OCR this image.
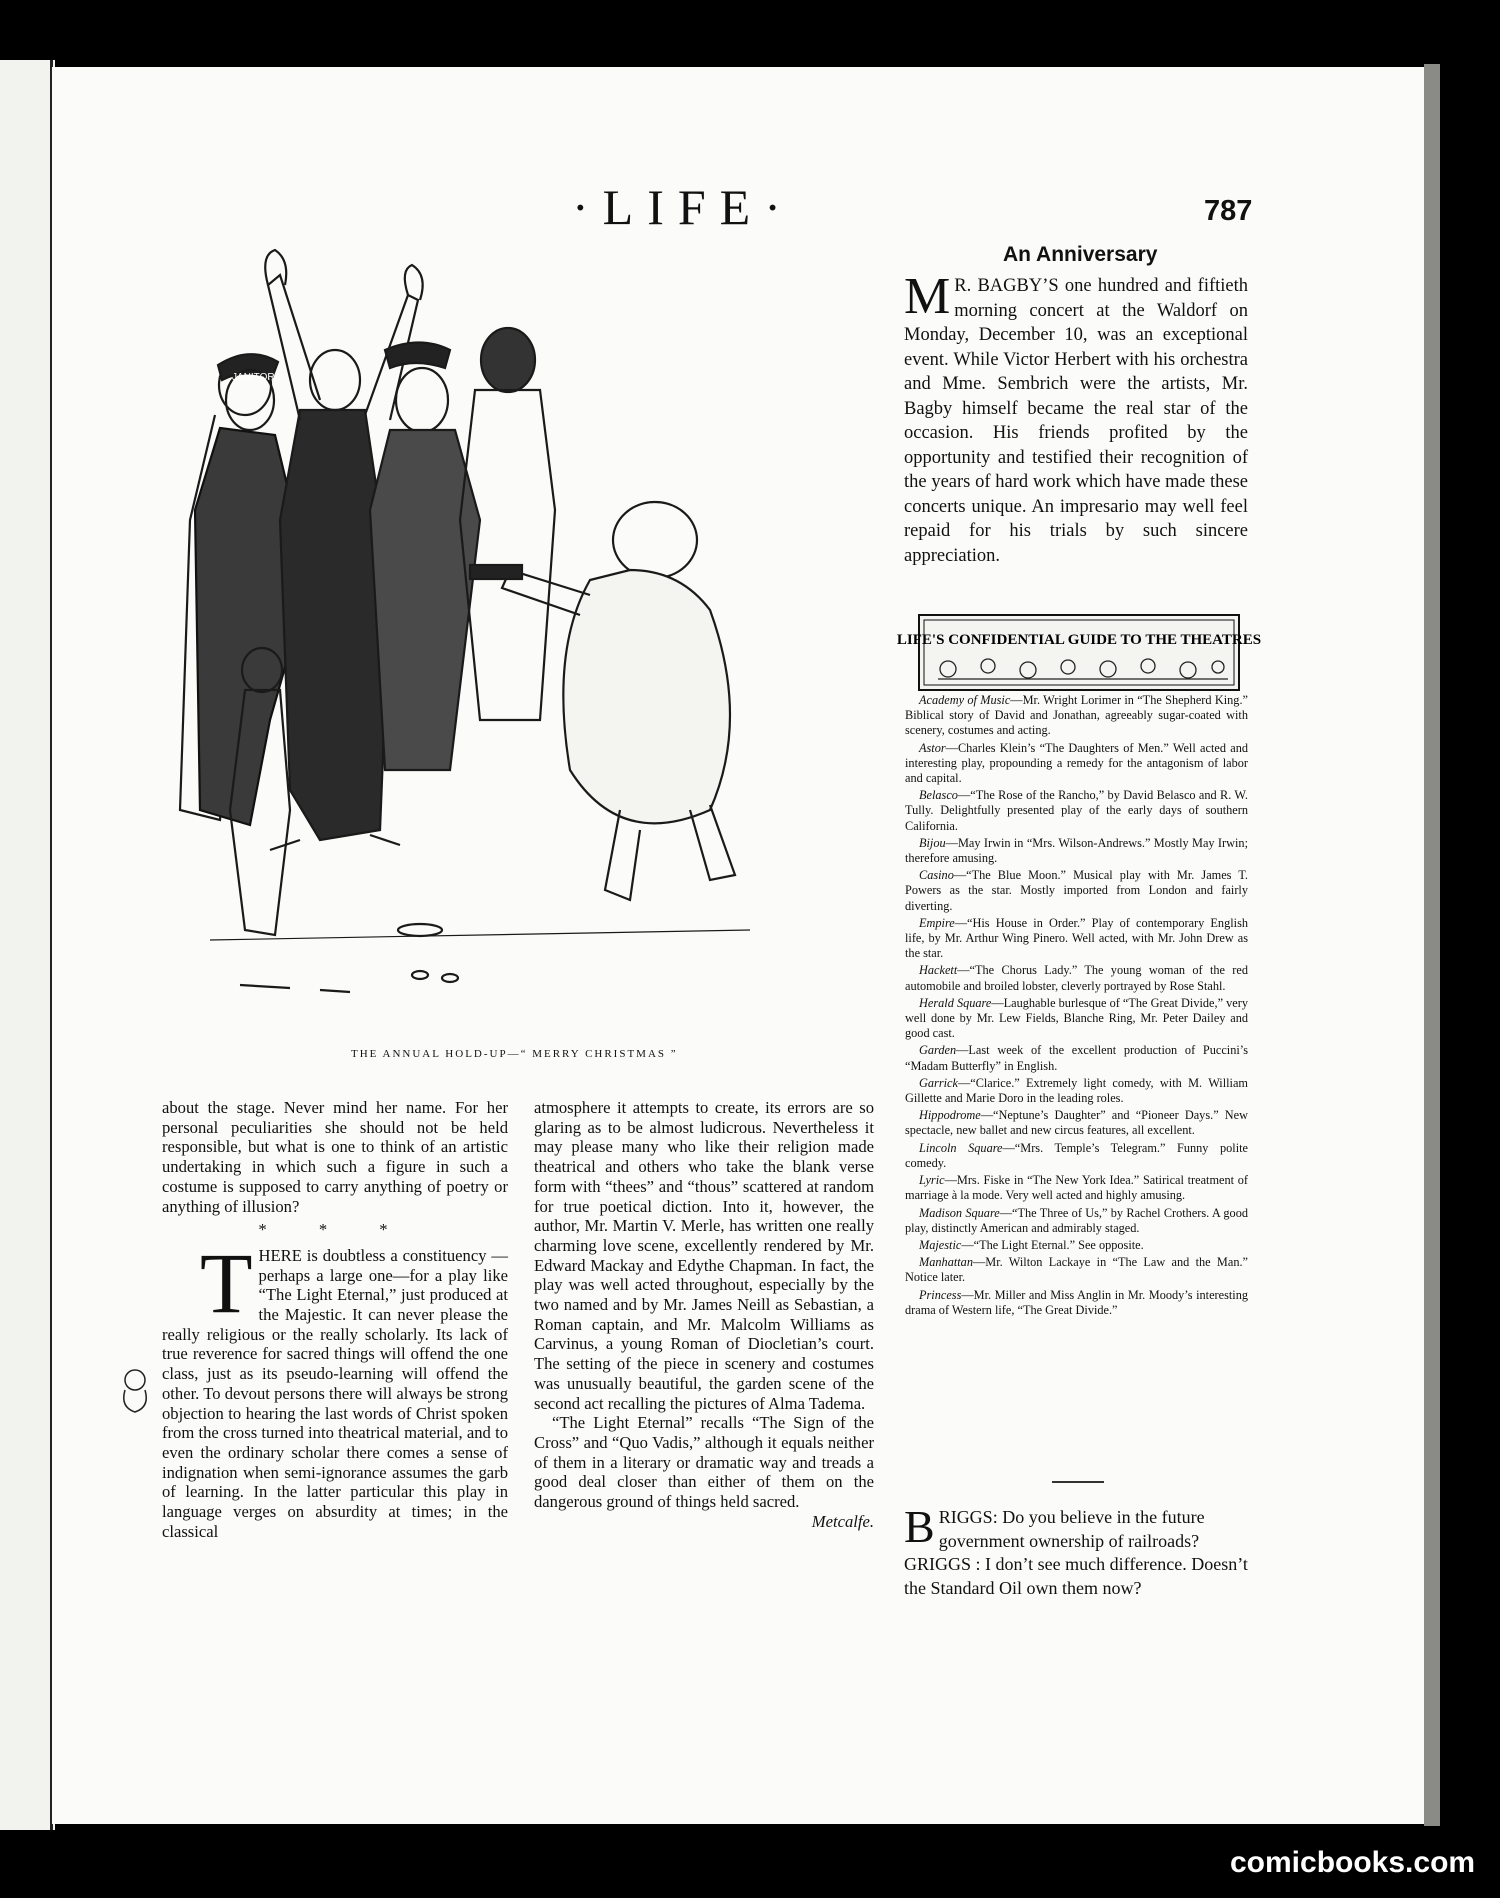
·LIFE·	787
JANITOR
THE ANNUAL HOLD-UP—“ MERRY CHRISTMAS ”
An Anniversary
M R. BAGBY’S one hundred and fiftieth morning concert at the Waldorf on Monday, December 10, was an exceptional event. While Victor Herbert with his orchestra and Mme. Sembrich were the artists, Mr. Bagby himself became the real star of the occasion. His friends profited by the opportunity and testified their recognition of the years of hard work which have made these concerts unique. An impresario may well feel repaid for his trials by such sincere appreciation.
LIFE'S CONFIDENTIAL GUIDE TO THE THEATRES

Academy of Music—Mr. Wright Lorimer in “The Shepherd King.” Biblical story of David and Jonathan, agreeably sugar-coated with scenery, costumes and acting.

Astor—Charles Klein’s “The Daughters of Men.” Well acted and interesting play, propounding a remedy for the antagonism of labor and capital.

Belasco—“The Rose of the Rancho,” by David Belasco and R. W. Tully. Delightfully presented play of the early days of southern California.

Bijou—May Irwin in “Mrs. Wilson-Andrews.” Mostly May Irwin; therefore amusing.

Casino—“The Blue Moon.” Musical play with Mr. James T. Powers as the star. Mostly imported from London and fairly diverting.

Empire—“His House in Order.” Play of contemporary English life, by Mr. Arthur Wing Pinero. Well acted, with Mr. John Drew as the star.

Hackett—“The Chorus Lady.” The young woman of the red automobile and broiled lobster, cleverly portrayed by Rose Stahl.

Herald Square—Laughable burlesque of “The Great Divide,” very well done by Mr. Lew Fields, Blanche Ring, Mr. Peter Dailey and good cast.

Garden—Last week of the excellent production of Puccini’s “Madam Butterfly” in English.

Garrick—“Clarice.” Extremely light comedy, with M. William Gillette and Marie Doro in the leading roles.

Hippodrome—“Neptune’s Daughter” and “Pioneer Days.” New spectacle, new ballet and new circus features, all excellent.

Lincoln Square—“Mrs. Temple’s Telegram.” Funny polite comedy.

Lyric—Mrs. Fiske in “The New York Idea.” Satirical treatment of marriage à la mode. Very well acted and highly amusing.

Madison Square—“The Three of Us,” by Rachel Crothers. A good play, distinctly American and admirably staged.

Majestic—“The Light Eternal.” See opposite.

Manhattan—Mr. Wilton Lackaye in “The Law and the Man.” Notice later.

Princess—Mr. Miller and Miss Anglin in Mr. Moody’s interesting drama of Western life, “The Great Divide.”

B RIGGS: Do you believe in the future government ownership of railroads?

GRIGGS : I don’t see much difference. Doesn’t the Standard Oil own them now?

about the stage. Never mind her name. For her personal peculiarities she should not be held responsible, but what is one to think of an artistic undertaking in which such a figure in such a costume is supposed to carry anything of poetry or anything of illusion?

* * *

THERE is doubtless a constituency —perhaps a large one—for a play like “The Light Eternal,” just produced at the Majestic. It can never please the really religious or the really scholarly. Its lack of true reverence for sacred things will offend the one class, just as its pseudo-learning will offend the other. To devout persons there will always be strong objection to hearing the last words of Christ spoken from the cross turned into theatrical material, and to even the ordinary scholar there comes a sense of indignation when semi-ignorance assumes the garb of learning. In the latter particular this play in language verges on absurdity at times; in the classical

atmosphere it attempts to create, its errors are so glaring as to be almost ludicrous. Nevertheless it may please many who like their religion made theatrical and others who take the blank verse form with “thees” and “thous” scattered at random for true poetical diction. Into it, however, the author, Mr. Martin V. Merle, has written one really charming love scene, excellently rendered by Mr. Edward Mackay and Edythe Chapman. In fact, the play was well acted throughout, especially by the two named and by Mr. James Neill as Sebastian, a Roman captain, and Mr. Malcolm Williams as Carvinus, a young Roman of Diocletian’s court. The setting of the piece in scenery and costumes was unusually beautiful, the garden scene of the second act recalling the pictures of Alma Tadema.

“The Light Eternal” recalls “The Sign of the Cross” and “Quo Vadis,” although it equals neither of them in a literary or dramatic way and treads a good deal closer than either of them on the dangerous ground of things held sacred.
Metcalfe.

comicbooks.com
